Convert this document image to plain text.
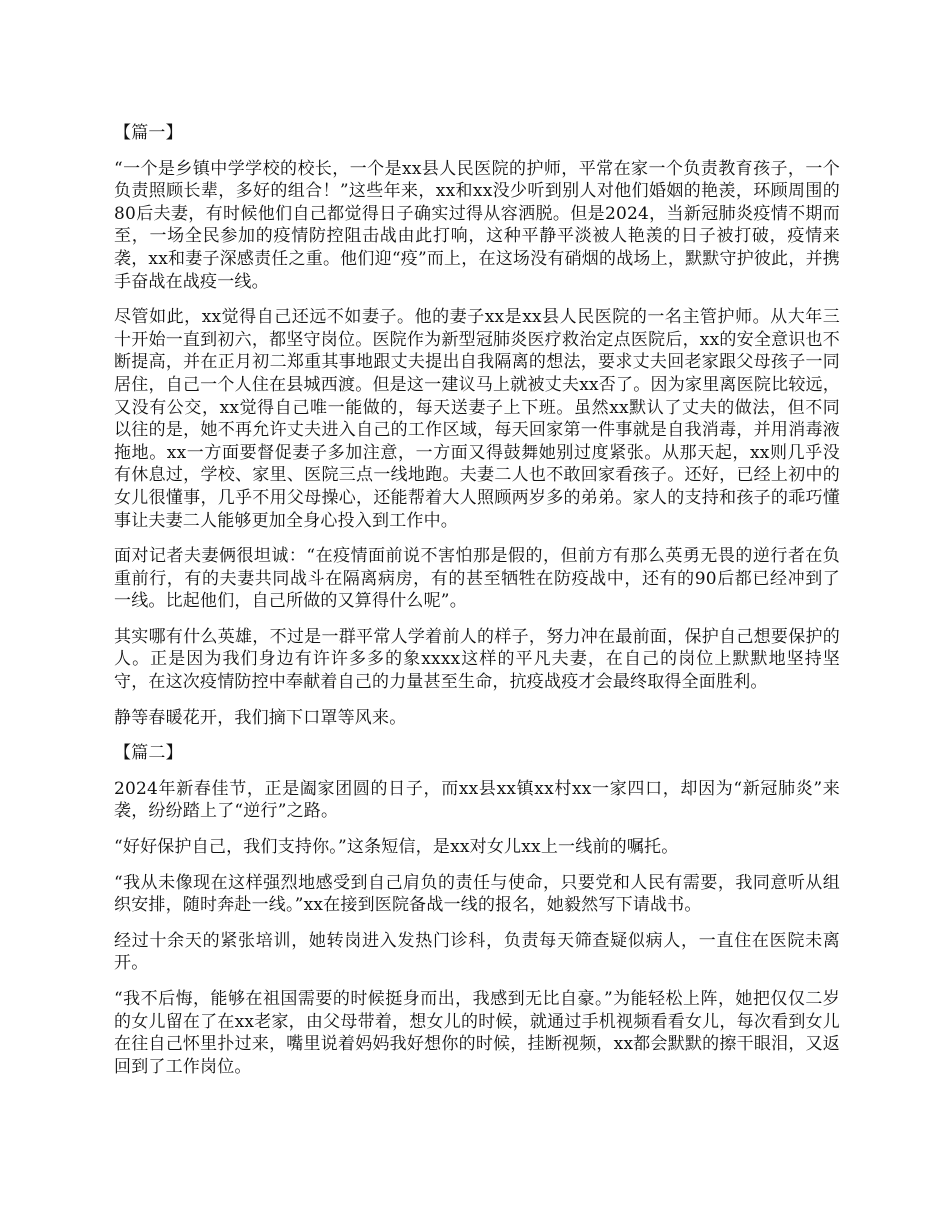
【篇一】

“一个是乡镇中学学校的校长，一个是xx县人民医院的护师，平常在家一个负责教育孩子，一个负责照顾长辈，多好的组合！”这些年来，xx和xx没少听到别人对他们婚姻的艳羡，环顾周围的80后夫妻，有时候他们自己都觉得日子确实过得从容洒脱。但是2024，当新冠肺炎疫情不期而至，一场全民参加的疫情防控阻击战由此打响，这种平静平淡被人艳羡的日子被打破，疫情来袭，xx和妻子深感责任之重。他们迎“疫”而上，在这场没有硝烟的战场上，默默守护彼此，并携手奋战在战疫一线。

尽管如此，xx觉得自己还远不如妻子。他的妻子xx是xx县人民医院的一名主管护师。从大年三十开始一直到初六，都坚守岗位。医院作为新型冠肺炎医疗救治定点医院后，xx的安全意识也不断提高，并在正月初二郑重其事地跟丈夫提出自我隔离的想法，要求丈夫回老家跟父母孩子一同居住，自己一个人住在县城西渡。但是这一建议马上就被丈夫xx否了。因为家里离医院比较远，又没有公交，xx觉得自己唯一能做的，每天送妻子上下班。虽然xx默认了丈夫的做法，但不同以往的是，她不再允许丈夫进入自己的工作区域，每天回家第一件事就是自我消毒，并用消毒液拖地。xx一方面要督促妻子多加注意，一方面又得鼓舞她别过度紧张。从那天起，xx则几乎没有休息过，学校、家里、医院三点一线地跑。夫妻二人也不敢回家看孩子。还好，已经上初中的女儿很懂事，几乎不用父母操心，还能帮着大人照顾两岁多的弟弟。家人的支持和孩子的乖巧懂事让夫妻二人能够更加全身心投入到工作中。

面对记者夫妻俩很坦诚：“在疫情面前说不害怕那是假的，但前方有那么英勇无畏的逆行者在负重前行，有的夫妻共同战斗在隔离病房，有的甚至牺牲在防疫战中，还有的90后都已经冲到了一线。比起他们，自己所做的又算得什么呢”。

其实哪有什么英雄，不过是一群平常人学着前人的样子，努力冲在最前面，保护自己想要保护的人。正是因为我们身边有许许多多的象xxxx这样的平凡夫妻，在自己的岗位上默默地坚持坚守，在这次疫情防控中奉献着自己的力量甚至生命，抗疫战疫才会最终取得全面胜利。

静等春暖花开，我们摘下口罩等风来。

【篇二】

2024年新春佳节，正是阖家团圆的日子，而xx县xx镇xx村xx一家四口，却因为“新冠肺炎”来袭，纷纷踏上了“逆行”之路。

“好好保护自己，我们支持你。”这条短信，是xx对女儿xx上一线前的嘱托。

“我从未像现在这样强烈地感受到自己肩负的责任与使命，只要党和人民有需要，我同意听从组织安排，随时奔赴一线。”xx在接到医院备战一线的报名，她毅然写下请战书。

经过十余天的紧张培训，她转岗进入发热门诊科，负责每天筛查疑似病人，一直住在医院未离开。

“我不后悔，能够在祖国需要的时候挺身而出，我感到无比自豪。”为能轻松上阵，她把仅仅二岁的女儿留在了在xx老家，由父母带着，想女儿的时候，就通过手机视频看看女儿，每次看到女儿在往自己怀里扑过来，嘴里说着妈妈我好想你的时候，挂断视频，xx都会默默的擦干眼泪，又返回到了工作岗位。
